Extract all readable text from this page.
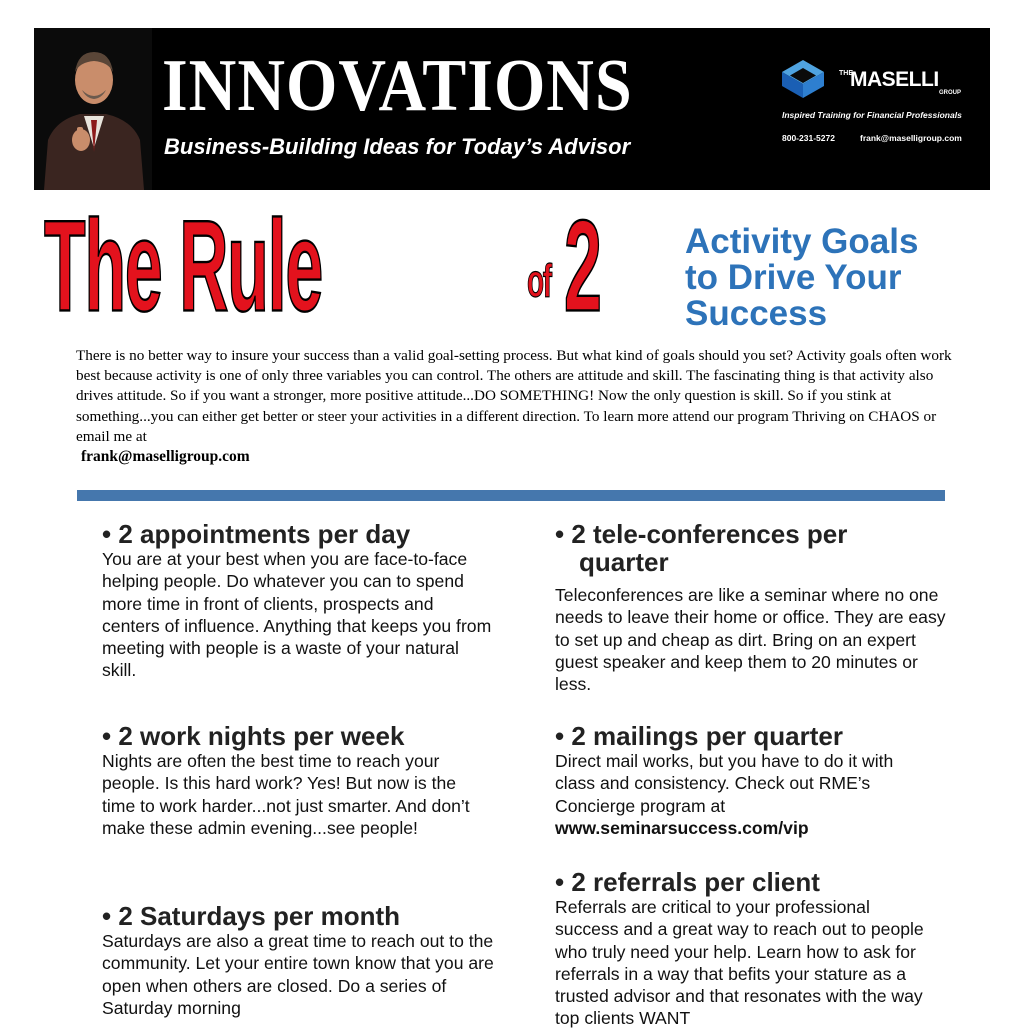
INNOVATIONS
Business-Building Ideas for Today’s Advisor
THE
MASELLI
GROUP
Inspired Training for Financial Professionals
800-231-5272	frank@maselligroup.com
The Rule	of 2 Activity Goals
to Drive Your
Success

There is no better way to insure your success than a valid goal-setting process. But what kind of goals should you set? Activity goals often work best because activity is one of only three variables you can control. The others are attitude and skill. The fascinating thing is that activity also drives attitude. So if you want a stronger, more positive attitude...DO SOMETHING! Now the only question is skill. So if you stink at something...you can either get better or steer your activities in a different direction. To learn more attend our program Thriving on CHAOS or email me at

frank@maselligroup.com
• 2 appointments per day

You are at your best when you are face-to-face helping people. Do whatever you can to spend more time in front of clients, prospects and centers of influence. Anything that keeps you from meeting with people is a waste of your natural skill.

• 2 work nights per week

Nights are often the best time to reach your people. Is this hard work? Yes! But now is the time to work harder...not just smarter. And don’t make these admin evening...see people!

• 2 Saturdays per month

Saturdays are also a great time to reach out to the community. Let your entire town know that you are open when others are closed. Do a series of Saturday morning

• 2 tele-conferences per
quarter

Teleconferences are like a seminar where no one needs to leave their home or office. They are easy to set up and cheap as dirt. Bring on an expert guest speaker and keep them to 20 minutes or less.

• 2 mailings per quarter

Direct mail works, but you have to do it with class and consistency. Check out RME’s Concierge program at

www.seminarsuccess.com/vip

• 2 referrals per client

Referrals are critical to your professional success and a great way to reach out to people who truly need your help. Learn how to ask for referrals in a way that befits your stature as a trusted advisor and that resonates with the way top clients WANT
